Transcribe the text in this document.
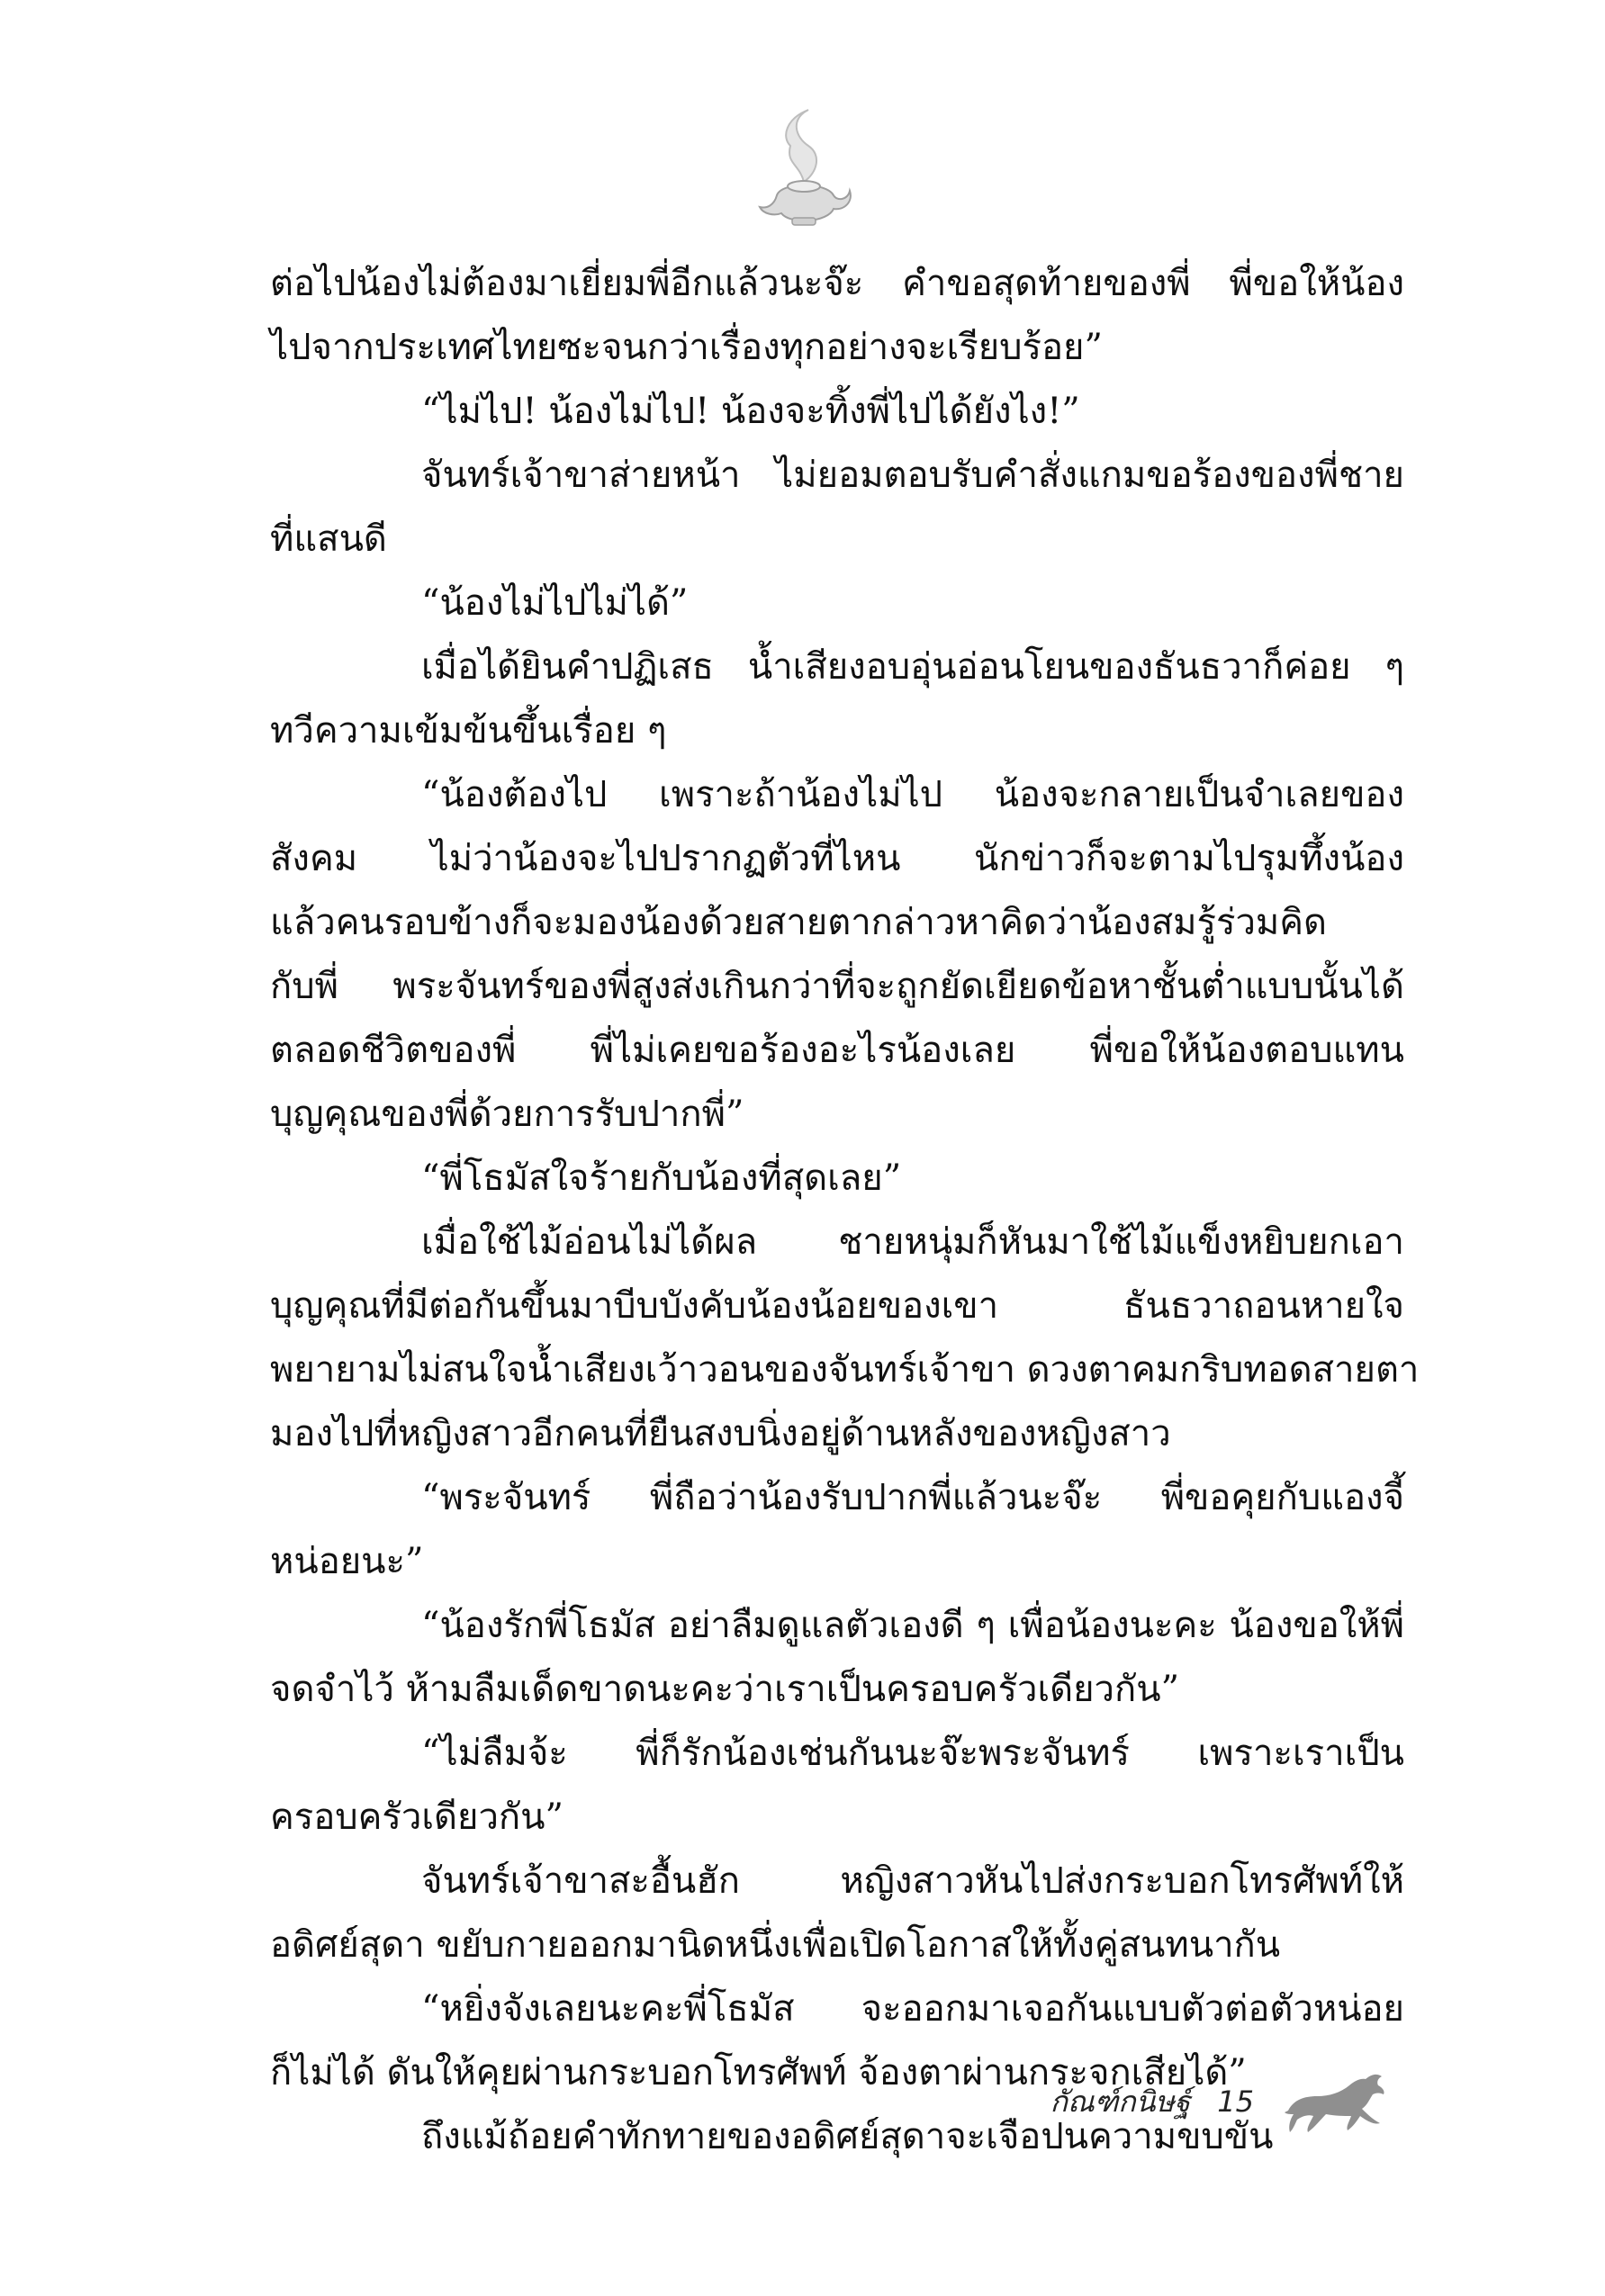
ต่อไปน้องไม่ต้องมาเยี่ยมพี่อีกแล้วนะจ๊ะ คำขอสุดท้ายของพี่ พี่ขอให้น้อง
ไปจากประเทศไทยซะจนกว่าเรื่องทุกอย่างจะเรียบร้อย”
“ไม่ไป! น้องไม่ไป! น้องจะทิ้งพี่ไปได้ยังไง!”
จันทร์เจ้าขาส่ายหน้า ไม่ยอมตอบรับคำสั่งแกมขอร้องของพี่ชาย
ที่แสนดี
“น้องไม่ไปไม่ได้”
เมื่อได้ยินคำปฏิเสธ น้ำเสียงอบอุ่นอ่อนโยนของธันธวาก็ค่อย ๆ
ทวีความเข้มข้นขึ้นเรื่อย ๆ
“น้องต้องไป เพราะถ้าน้องไม่ไป น้องจะกลายเป็นจำเลยของ
สังคม ไม่ว่าน้องจะไปปรากฏตัวที่ไหน นักข่าวก็จะตามไปรุมทึ้งน้อง
แล้วคนรอบข้างก็จะมองน้องด้วยสายตากล่าวหาคิดว่าน้องสมรู้ร่วมคิด
กับพี่ พระจันทร์ของพี่สูงส่งเกินกว่าที่จะถูกยัดเยียดข้อหาชั้นต่ำแบบนั้นได้
ตลอดชีวิตของพี่ พี่ไม่เคยขอร้องอะไรน้องเลย พี่ขอให้น้องตอบแทน
บุญคุณของพี่ด้วยการรับปากพี่”
“พี่โธมัสใจร้ายกับน้องที่สุดเลย”
เมื่อใช้ไม้อ่อนไม่ได้ผล ชายหนุ่มก็หันมาใช้ไม้แข็งหยิบยกเอา
บุญคุณที่มีต่อกันขึ้นมาบีบบังคับน้องน้อยของเขา ธันธวาถอนหายใจ
พยายามไม่สนใจน้ำเสียงเว้าวอนของจันทร์เจ้าขา ดวงตาคมกริบทอดสายตา
มองไปที่หญิงสาวอีกคนที่ยืนสงบนิ่งอยู่ด้านหลังของหญิงสาว
“พระจันทร์ พี่ถือว่าน้องรับปากพี่แล้วนะจ๊ะ พี่ขอคุยกับแองจี้
หน่อยนะ”
“น้องรักพี่โธมัส อย่าลืมดูแลตัวเองดี ๆ เพื่อน้องนะคะ น้องขอให้พี่
จดจำไว้ ห้ามลืมเด็ดขาดนะคะว่าเราเป็นครอบครัวเดียวกัน”
“ไม่ลืมจ้ะ พี่ก็รักน้องเช่นกันนะจ๊ะพระจันทร์ เพราะเราเป็น
ครอบครัวเดียวกัน”
จันทร์เจ้าขาสะอื้นฮัก หญิงสาวหันไปส่งกระบอกโทรศัพท์ให้
อดิศย์สุดา ขยับกายออกมานิดหนึ่งเพื่อเปิดโอกาสให้ทั้งคู่สนทนากัน
“หยิ่งจังเลยนะคะพี่โธมัส จะออกมาเจอกันแบบตัวต่อตัวหน่อย
ก็ไม่ได้ ดันให้คุยผ่านกระบอกโทรศัพท์ จ้องตาผ่านกระจกเสียได้”
ถึงแม้ถ้อยคำทักทายของอดิศย์สุดาจะเจือปนความขบขัน
กัณฑ์กนิษฐ์ 15
